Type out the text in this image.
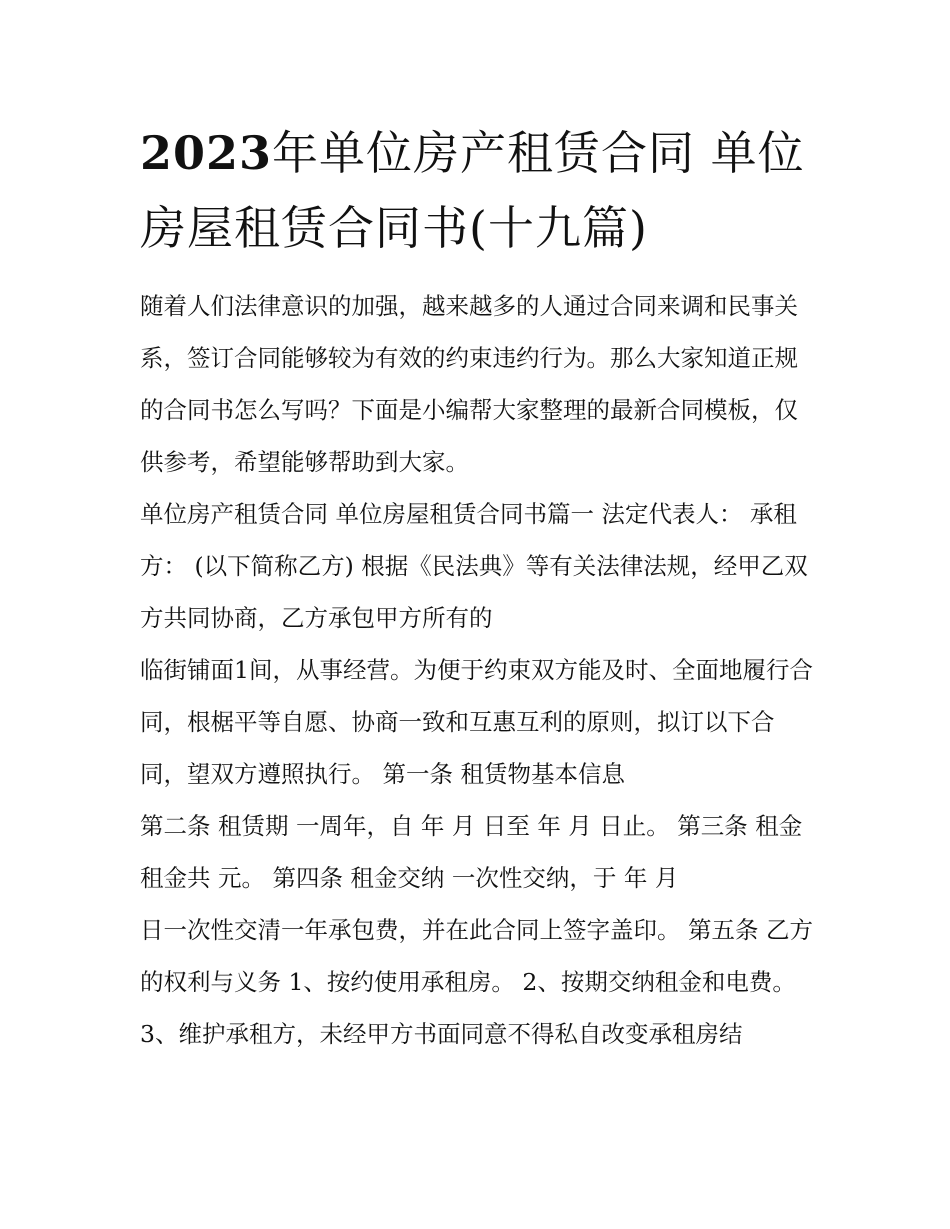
2023年单位房产租赁合同 单位房屋租赁合同书(十九篇)

随着人们法律意识的加强，越来越多的人通过合同来调和民事关系，签订合同能够较为有效的约束违约行为。那么大家知道正规的合同书怎么写吗？下面是小编帮大家整理的最新合同模板，仅供参考，希望能够帮助到大家。

单位房产租赁合同 单位房屋租赁合同书篇一 法定代表人： 承租方： (以下简称乙方) 根据《民法典》等有关法律法规，经甲乙双方共同协商，乙方承包甲方所有的

临街铺面1间，从事经营。为便于约束双方能及时、全面地履行合同，根椐平等自愿、协商一致和互惠互利的原则，拟订以下合同，望双方遵照执行。 第一条 租赁物基本信息

第二条 租赁期 一周年，自 年 月 日至 年 月 日止。 第三条 租金 租金共 元。 第四条 租金交纳 一次性交纳，于 年 月

日一次性交清一年承包费，并在此合同上签字盖印。 第五条 乙方的权利与义务 1、按约使用承租房。 2、按期交纳租金和电费。

3、维护承租方，未经甲方书面同意不得私自改变承租房结
